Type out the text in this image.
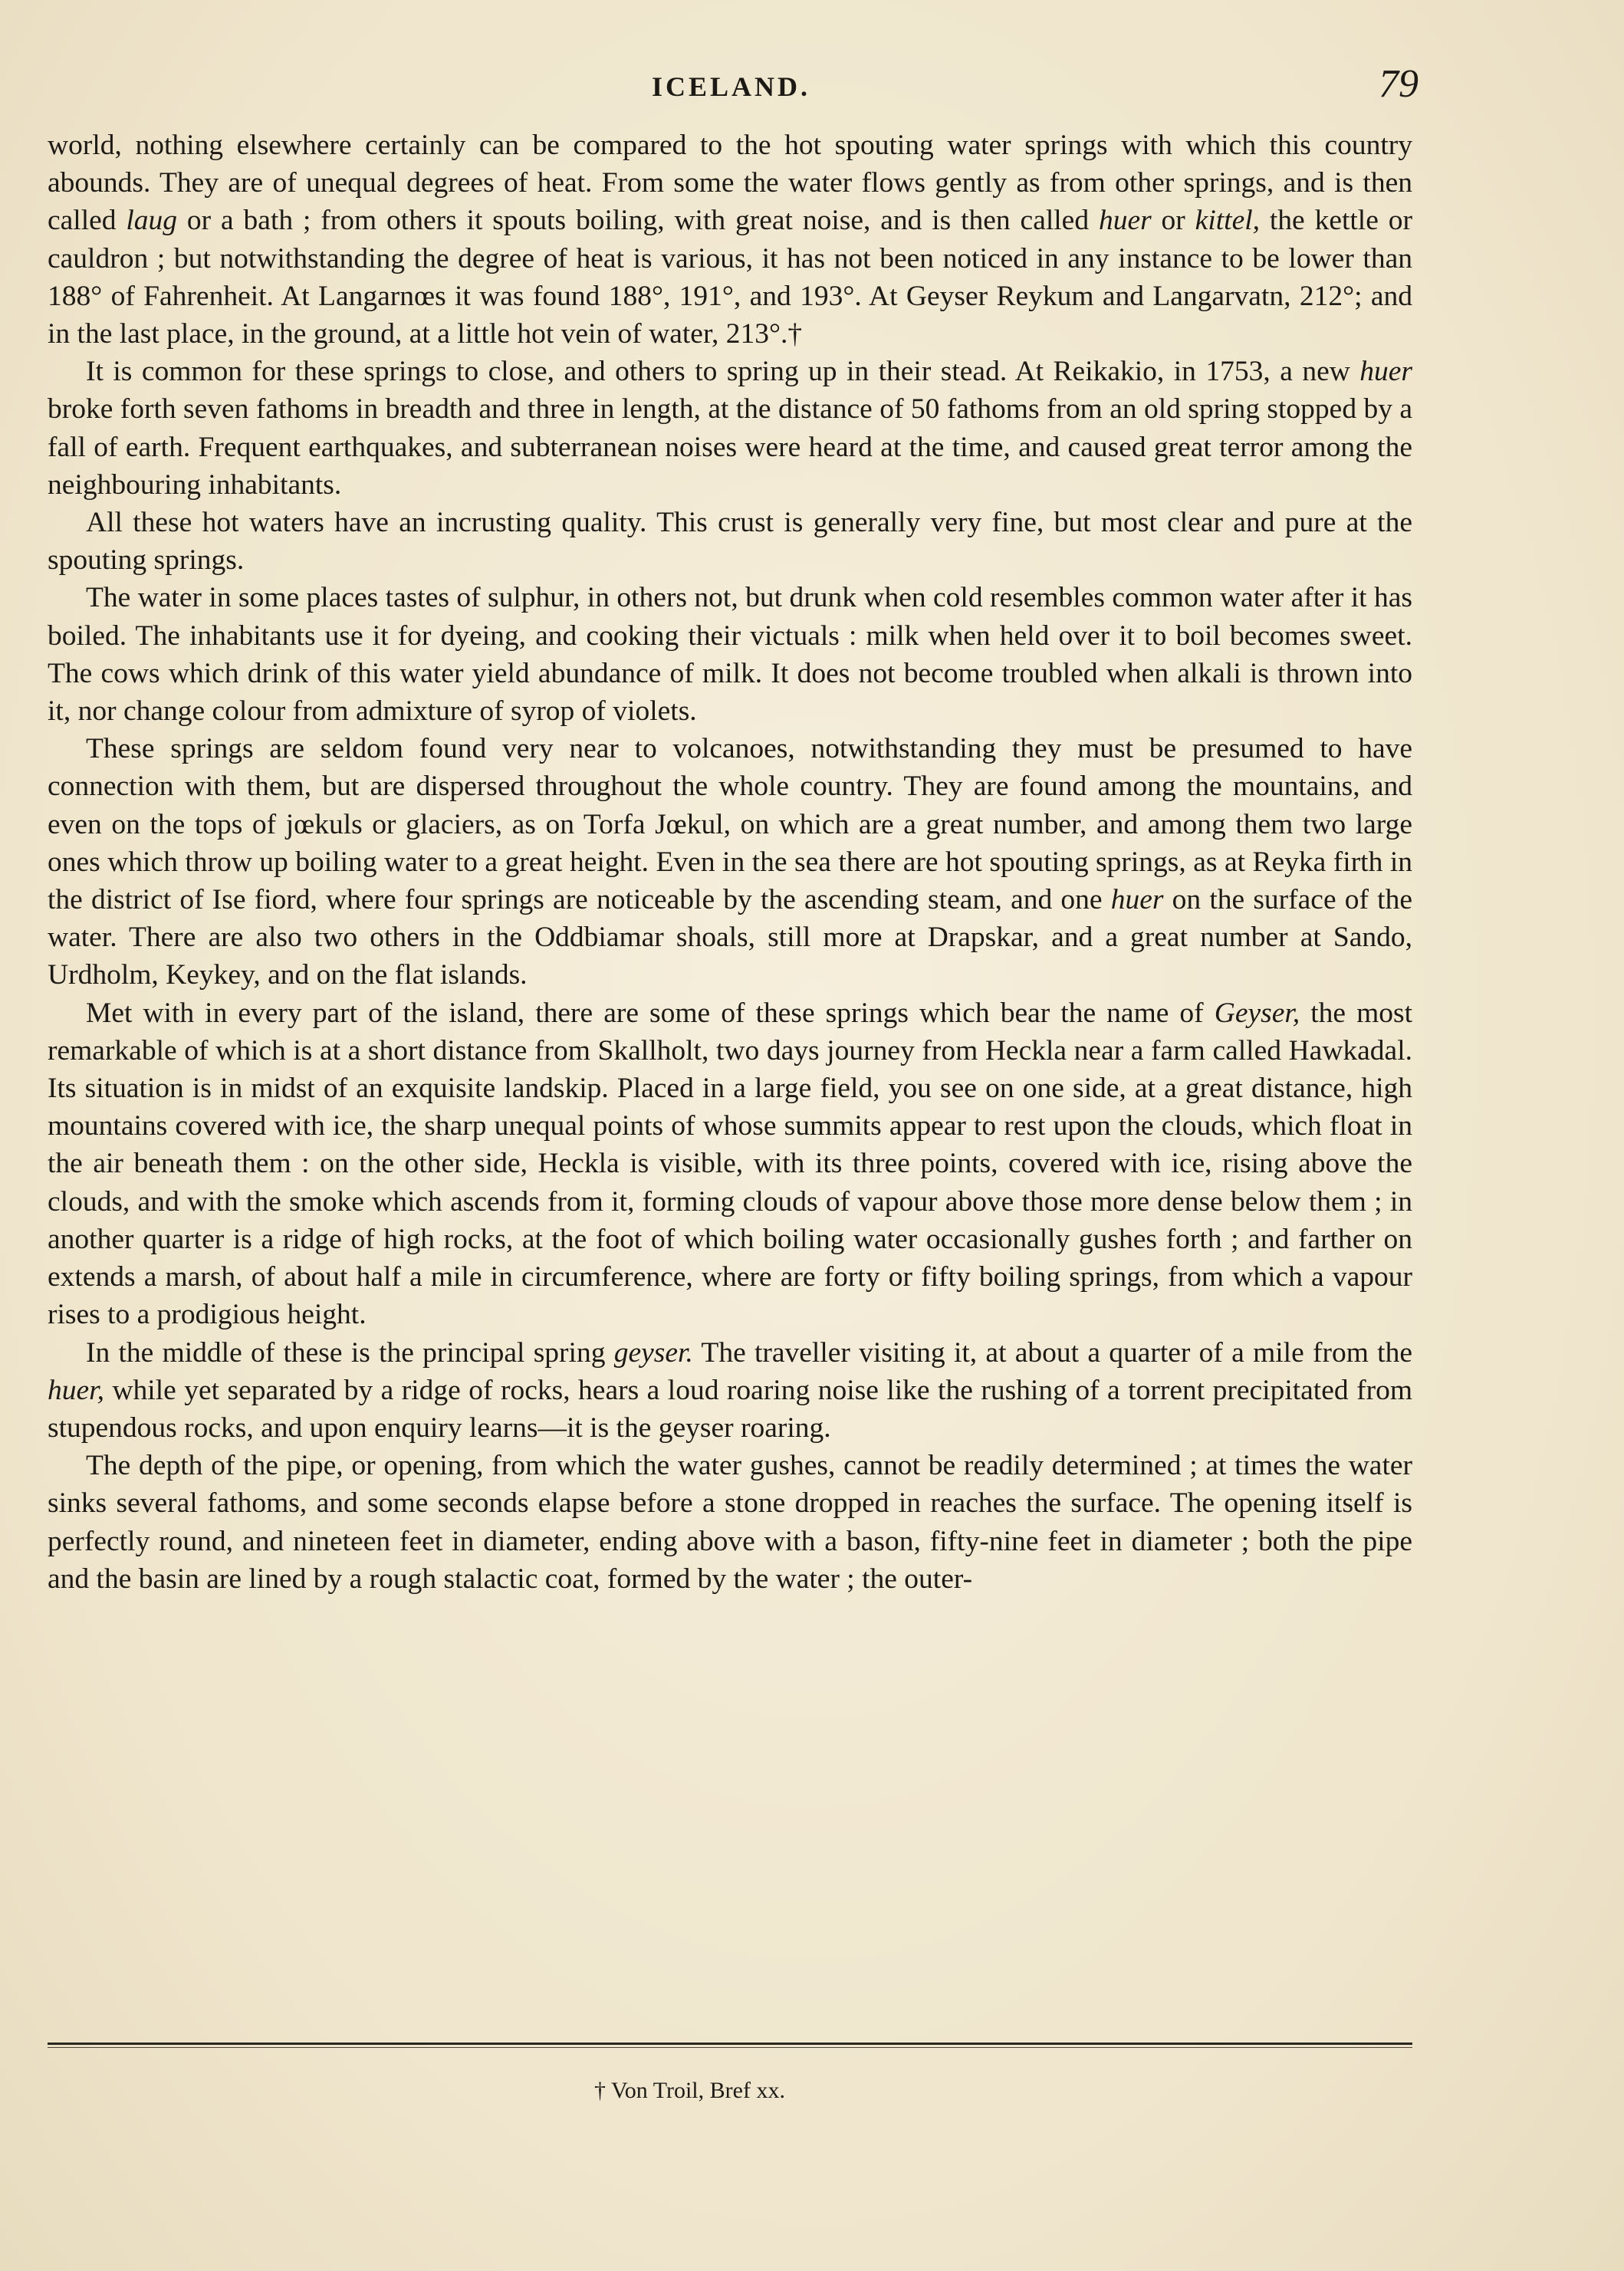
ICELAND.	79

world, nothing elsewhere certainly can be compared to the hot spouting water springs with which this country abounds. They are of unequal degrees of heat. From some the water flows gently as from other springs, and is then called laug or a bath ; from others it spouts boiling, with great noise, and is then called huer or kittel, the kettle or cauldron ; but notwithstanding the degree of heat is various, it has not been noticed in any instance to be lower than 188° of Fahrenheit. At Langarnœs it was found 188°, 191°, and 193°. At Geyser Reykum and Langarvatn, 212°; and in the last place, in the ground, at a little hot vein of water, 213°.†

It is common for these springs to close, and others to spring up in their stead. At Reikakio, in 1753, a new huer broke forth seven fathoms in breadth and three in length, at the distance of 50 fathoms from an old spring stopped by a fall of earth. Frequent earthquakes, and subterranean noises were heard at the time, and caused great terror among the neighbouring inhabitants.

All these hot waters have an incrusting quality. This crust is generally very fine, but most clear and pure at the spouting springs.

The water in some places tastes of sulphur, in others not, but drunk when cold resembles common water after it has boiled. The inhabitants use it for dyeing, and cooking their victuals : milk when held over it to boil becomes sweet. The cows which drink of this water yield abundance of milk. It does not become troubled when alkali is thrown into it, nor change colour from admixture of syrop of violets.

These springs are seldom found very near to volcanoes, notwithstanding they must be presumed to have connection with them, but are dispersed throughout the whole country. They are found among the mountains, and even on the tops of jœkuls or glaciers, as on Torfa Jœkul, on which are a great number, and among them two large ones which throw up boiling water to a great height. Even in the sea there are hot spouting springs, as at Reyka firth in the district of Ise fiord, where four springs are noticeable by the ascending steam, and one huer on the surface of the water. There are also two others in the Oddbiamar shoals, still more at Drapskar, and a great number at Sando, Urdholm, Keykey, and on the flat islands.

Met with in every part of the island, there are some of these springs which bear the name of Geyser, the most remarkable of which is at a short distance from Skallholt, two days journey from Heckla near a farm called Hawkadal. Its situation is in midst of an exquisite landskip. Placed in a large field, you see on one side, at a great distance, high mountains covered with ice, the sharp unequal points of whose summits appear to rest upon the clouds, which float in the air beneath them : on the other side, Heckla is visible, with its three points, covered with ice, rising above the clouds, and with the smoke which ascends from it, forming clouds of vapour above those more dense below them ; in another quarter is a ridge of high rocks, at the foot of which boiling water occasionally gushes forth ; and farther on extends a marsh, of about half a mile in circumference, where are forty or fifty boiling springs, from which a vapour rises to a prodigious height.

In the middle of these is the principal spring geyser. The traveller visiting it, at about a quarter of a mile from the huer, while yet separated by a ridge of rocks, hears a loud roaring noise like the rushing of a torrent precipitated from stupendous rocks, and upon enquiry learns—it is the geyser roaring.

The depth of the pipe, or opening, from which the water gushes, cannot be readily determined ; at times the water sinks several fathoms, and some seconds elapse before a stone dropped in reaches the surface. The opening itself is perfectly round, and nineteen feet in diameter, ending above with a bason, fifty-nine feet in diameter ; both the pipe and the basin are lined by a rough stalactic coat, formed by the water ; the outer-

† Von Troil, Bref xx.
